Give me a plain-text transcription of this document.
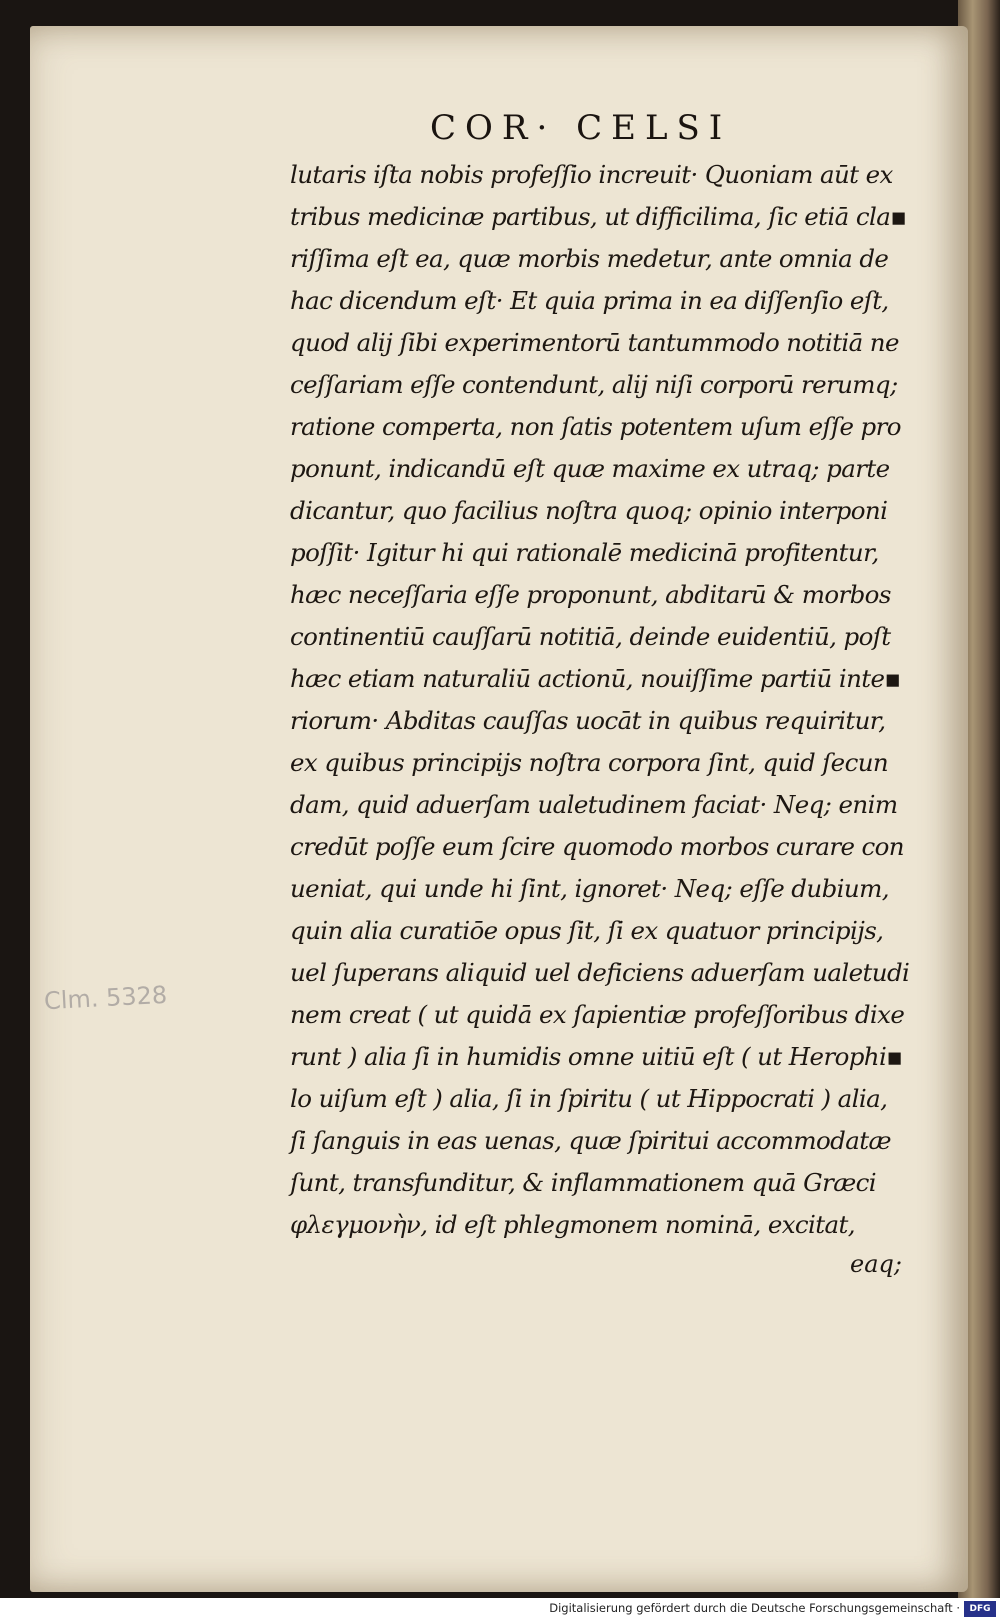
COR· CELSI
lutaris iſta nobis profeſſio increuit· Quoniam aūt ex
tribus medicinæ partibus, ut difficilima, ſic etiā cla▪
riſſima eſt ea, quæ morbis medetur, ante omnia de
hac dicendum eſt· Et quia prima in ea diſſenſio eſt,
quod alij ſibi experimentorū tantummodo notitiā ne
ceſſariam eſſe contendunt, alij niſi corporū rerumq;
ratione comperta, non ſatis potentem uſum eſſe pro
ponunt, indicandū eſt quæ maxime ex utraq; parte
dicantur, quo facilius noſtra quoq; opinio interponi
poſſit· Igitur hi qui rationalē medicinā profitentur,
hæc neceſſaria eſſe proponunt, abditarū & morbos
continentiū cauſſarū notitiā, deinde euidentiū, poſt
hæc etiam naturaliū actionū, nouiſſime partiū inte▪
riorum· Abditas cauſſas uocāt in quibus requiritur,
ex quibus principijs noſtra corpora ſint, quid ſecun
dam, quid aduerſam ualetudinem faciat· Neq; enim
credūt poſſe eum ſcire quomodo morbos curare con
ueniat, qui unde hi ſint, ignoret· Neq; eſſe dubium,
quin alia curatiōe opus ſit, ſi ex quatuor principijs,
uel ſuperans aliquid uel deficiens aduerſam ualetudi
nem creat ( ut quidā ex ſapientiæ profeſſoribus dixe
runt ) alia ſi in humidis omne uitiū eſt ( ut Herophi▪
lo uiſum eſt ) alia, ſi in ſpiritu ( ut Hippocrati ) alia,
ſi ſanguis in eas uenas, quæ ſpiritui accommodatæ
ſunt, transfunditur, & inflammationem quā Græci
φλεγμονὴν, id eſt phlegmonem nominā, excitat,
eaq;
Clm. 5328
Digitalisierung gefördert durch die Deutsche Forschungsgemeinschaft ·	DFG
